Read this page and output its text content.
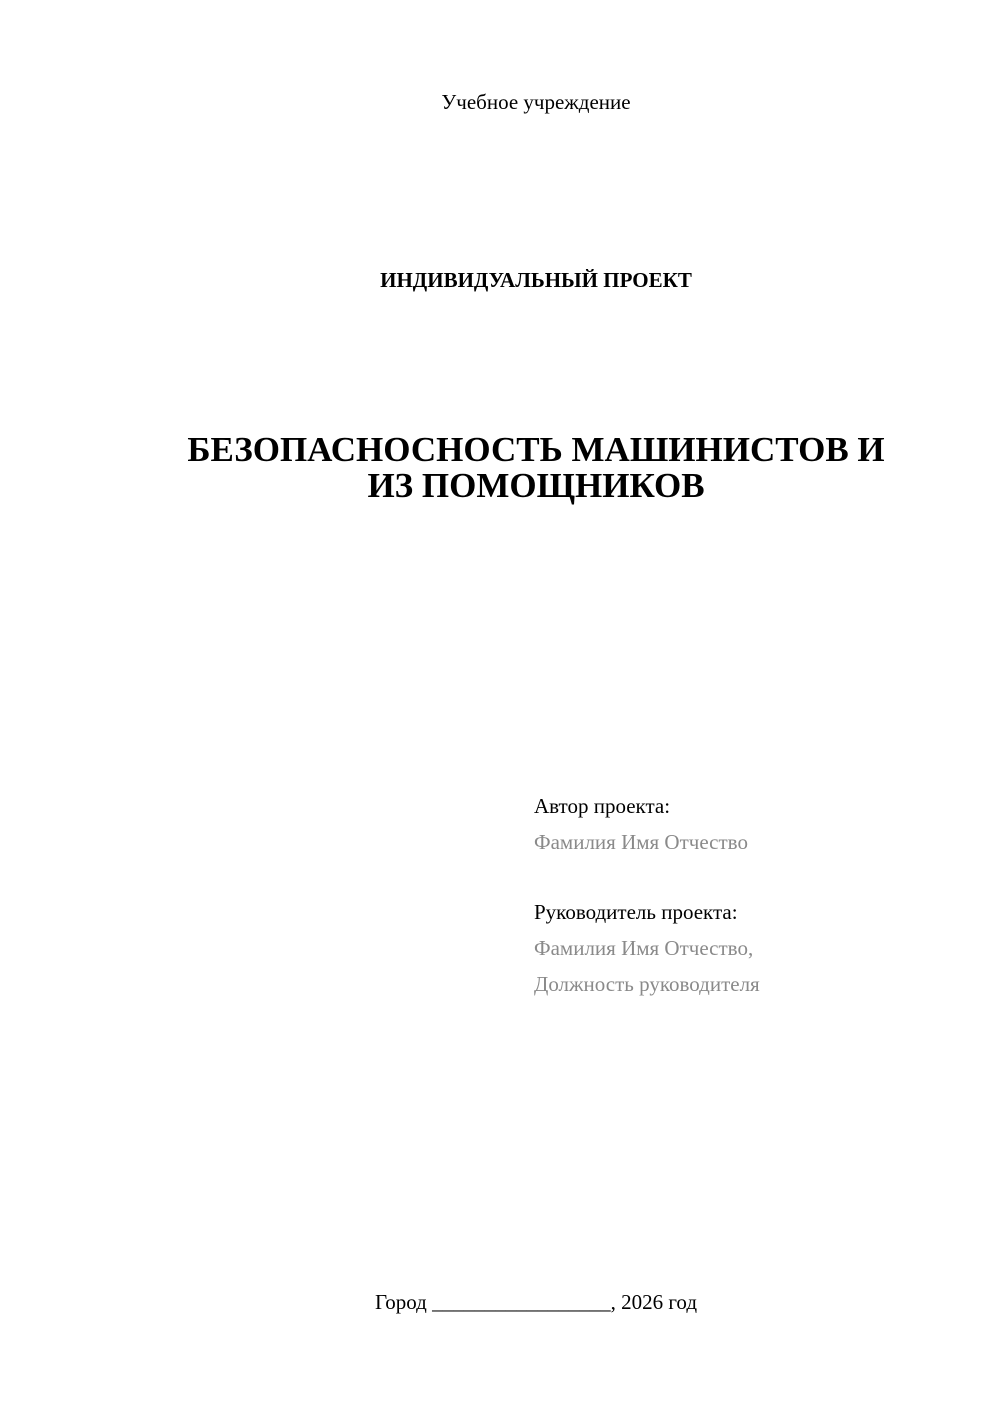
Учебное учреждение
ИНДИВИДУАЛЬНЫЙ ПРОЕКТ
БЕЗОПАСНОСНОСТЬ МАШИНИСТОВ И
ИЗ ПОМОЩНИКОВ
Автор проекта:
Фамилия Имя Отчество
Руководитель проекта:
Фамилия Имя Отчество,
Должность руководителя
Город _________________, 2026 год
